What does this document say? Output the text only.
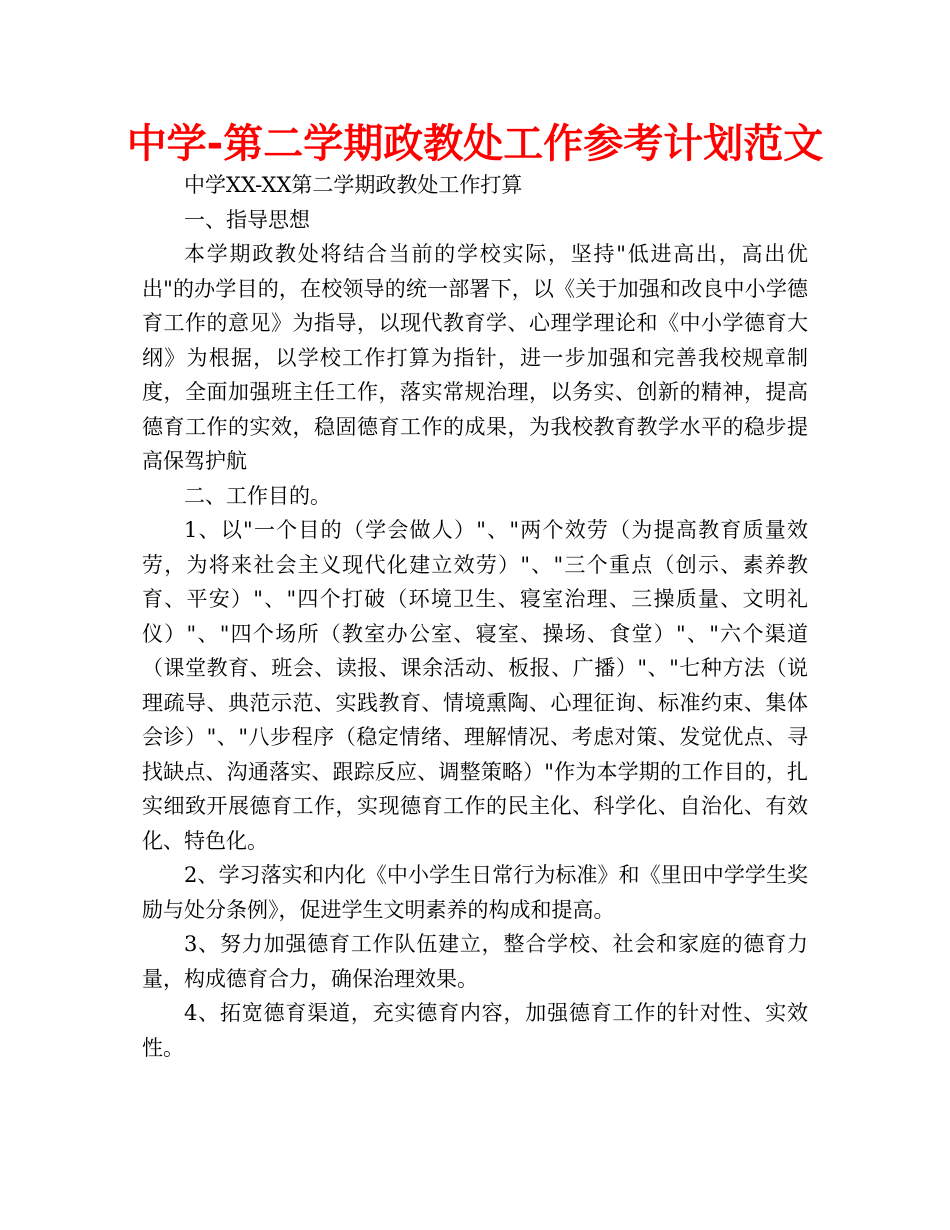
中学-第二学期政教处工作参考计划范文

中学XX-XX第二学期政教处工作打算

一、指导思想

本学期政教处将结合当前的学校实际，坚持"低进高出，高出优出"的办学目的，在校领导的统一部署下，以《关于加强和改良中小学德育工作的意见》为指导，以现代教育学、心理学理论和《中小学德育大纲》为根据，以学校工作打算为指针，进一步加强和完善我校规章制度，全面加强班主任工作，落实常规治理，以务实、创新的精神，提高德育工作的实效，稳固德育工作的成果，为我校教育教学水平的稳步提高保驾护航

二、工作目的。

1、以"一个目的（学会做人）"、"两个效劳（为提高教育质量效劳，为将来社会主义现代化建立效劳）"、"三个重点（创示、素养教育、平安）"、"四个打破（环境卫生、寝室治理、三操质量、文明礼仪）"、"四个场所（教室办公室、寝室、操场、食堂）"、"六个渠道（课堂教育、班会、读报、课余活动、板报、广播）"、"七种方法（说理疏导、典范示范、实践教育、情境熏陶、心理征询、标准约束、集体会诊）"、"八步程序（稳定情绪、理解情况、考虑对策、发觉优点、寻找缺点、沟通落实、跟踪反应、调整策略）"作为本学期的工作目的，扎实细致开展德育工作，实现德育工作的民主化、科学化、自治化、有效化、特色化。

2、学习落实和内化《中小学生日常行为标准》和《里田中学学生奖励与处分条例》，促进学生文明素养的构成和提高。

3、努力加强德育工作队伍建立，整合学校、社会和家庭的德育力量，构成德育合力，确保治理效果。

4、拓宽德育渠道，充实德育内容，加强德育工作的针对性、实效性。
